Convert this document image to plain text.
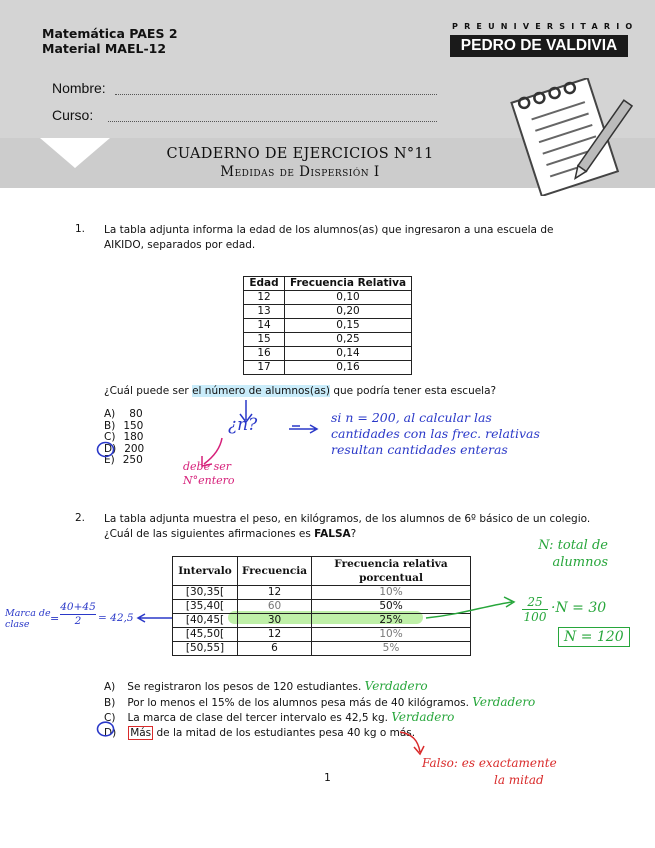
Matemática PAES 2
Material MAEL-12
PREUNIVERSITARIO
PEDRO DE VALDIVIA
Nombre:
Curso:
CUADERNO DE EJERCICIOS N°11
Medidas de Dispersión I
1. La tabla adjunta informa la edad de los alumnos(as) que ingresaron a una escuela de AIKIDO, separados por edad.
Edad	Frecuencia Relativa
12	0,10
13	0,20
14	0,15
15	0,25
16	0,14
17	0,16
¿Cuál puede ser el número de alumnos(as) que podría tener esta escuela?
A) 80
B) 150
C) 180
D) 200
E) 250
¿n?	si n = 200, al calcular las
cantidades con las frec. relativas
resultan cantidades enteras
debe ser
N°entero
2. La tabla adjunta muestra el peso, en kilógramos, de los alumnos de 6º básico de un colegio. ¿Cuál de las siguientes afirmaciones es FALSA?
N: total de
alumnos
Intervalo	Frecuencia	Frecuencia relativa porcentual
[30,35[	12	10%
[35,40[	60	50%
[40,45[	30	25%
[45,50[	12	10%
[50,55]	6	5%
Marca de
clase	= $\frac{40+45}{2} = 42,5$	$\frac{25}{100} \cdot N = 30$
N = 120
A) Se registraron los pesos de 120 estudiantes. Verdadero
B) Por lo menos el 15% de los alumnos pesa más de 40 kilógramos. Verdadero
C) La marca de clase del tercer intervalo es 42,5 kg. Verdadero
D) Más de la mitad de los estudiantes pesa 40 kg o más.
Falso: es exactamente
la mitad
1
